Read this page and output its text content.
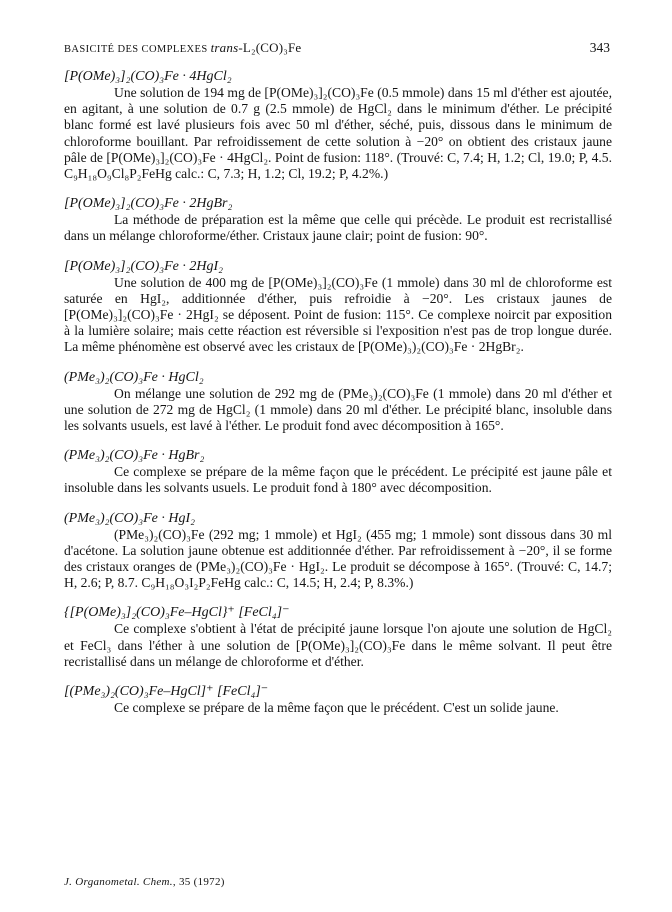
BASICITÉ DES COMPLEXES trans-L₂(CO)₃Fe	343
[P(OMe)₃]₂(CO)₃Fe · 4HgCl₂
Une solution de 194 mg de [P(OMe)₃]₂(CO)₃Fe (0.5 mmole) dans 15 ml d'éther est ajoutée, en agitant, à une solution de 0.7 g (2.5 mmole) de HgCl₂ dans le minimum d'éther. Le précipité blanc formé est lavé plusieurs fois avec 50 ml d'éther, séché, puis, dissous dans le minimum de chloroforme bouillant. Par refroidissement de cette solution à −20° on obtient des cristaux jaune pâle de [P(OMe)₃]₂(CO)₃Fe · 4HgCl₂. Point de fusion: 118°. (Trouvé: C, 7.4; H, 1.2; Cl, 19.0; P, 4.5. C₉H₁₈O₉Cl₈P₂FeHg calc.: C, 7.3; H, 1.2; Cl, 19.2; P, 4.2%.)
[P(OMe)₃]₂(CO)₃Fe · 2HgBr₂
La méthode de préparation est la même que celle qui précède. Le produit est recristallisé dans un mélange chloroforme/éther. Cristaux jaune clair; point de fusion: 90°.
[P(OMe)₃]₂(CO)₃Fe · 2HgI₂
Une solution de 400 mg de [P(OMe)₃]₂(CO)₃Fe (1 mmole) dans 30 ml de chloroforme est saturée en HgI₂, additionnée d'éther, puis refroidie à −20°. Les cristaux jaunes de [P(OMe)₃]₂(CO)₃Fe · 2HgI₂ se déposent. Point de fusion: 115°. Ce complexe noircit par exposition à la lumière solaire; mais cette réaction est réversible si l'exposition n'est pas de trop longue durée. La même phénomène est observé avec les cristaux de [P(OMe)₃)₂(CO)₃Fe · 2HgBr₂.
(PMe₃)₂(CO)₃Fe · HgCl₂
On mélange une solution de 292 mg de (PMe₃)₂(CO)₃Fe (1 mmole) dans 20 ml d'éther et une solution de 272 mg de HgCl₂ (1 mmole) dans 20 ml d'éther. Le précipité blanc, insoluble dans les solvants usuels, est lavé à l'éther. Le produit fond avec décomposition à 165°.
(PMe₃)₂(CO)₃Fe · HgBr₂
Ce complexe se prépare de la même façon que le précédent. Le précipité est jaune pâle et insoluble dans les solvants usuels. Le produit fond à 180° avec décomposition.
(PMe₃)₂(CO)₃Fe · HgI₂
(PMe₃)₂(CO)₃Fe (292 mg; 1 mmole) et HgI₂ (455 mg; 1 mmole) sont dissous dans 30 ml d'acétone. La solution jaune obtenue est additionnée d'éther. Par refroidissement à −20°, il se forme des cristaux oranges de (PMe₃)₂(CO)₃Fe · HgI₂. Le produit se décompose à 165°. (Trouvé: C, 14.7; H, 2.6; P, 8.7. C₉H₁₈O₃I₂P₂FeHg calc.: C, 14.5; H, 2.4; P, 8.3%.)
{[P(OMe)₃]₂(CO)₃Fe–HgCl}⁺ [FeCl₄]⁻
Ce complexe s'obtient à l'état de précipité jaune lorsque l'on ajoute une solution de HgCl₂ et FeCl₃ dans l'éther à une solution de [P(OMe)₃]₂(CO)₃Fe dans le même solvant. Il peut être recristallisé dans un mélange de chloroforme et d'éther.
[(PMe₃)₂(CO)₃Fe–HgCl]⁺ [FeCl₄]⁻
Ce complexe se prépare de la même façon que le précédent. C'est un solide jaune.
J. Organometal. Chem., 35 (1972)
